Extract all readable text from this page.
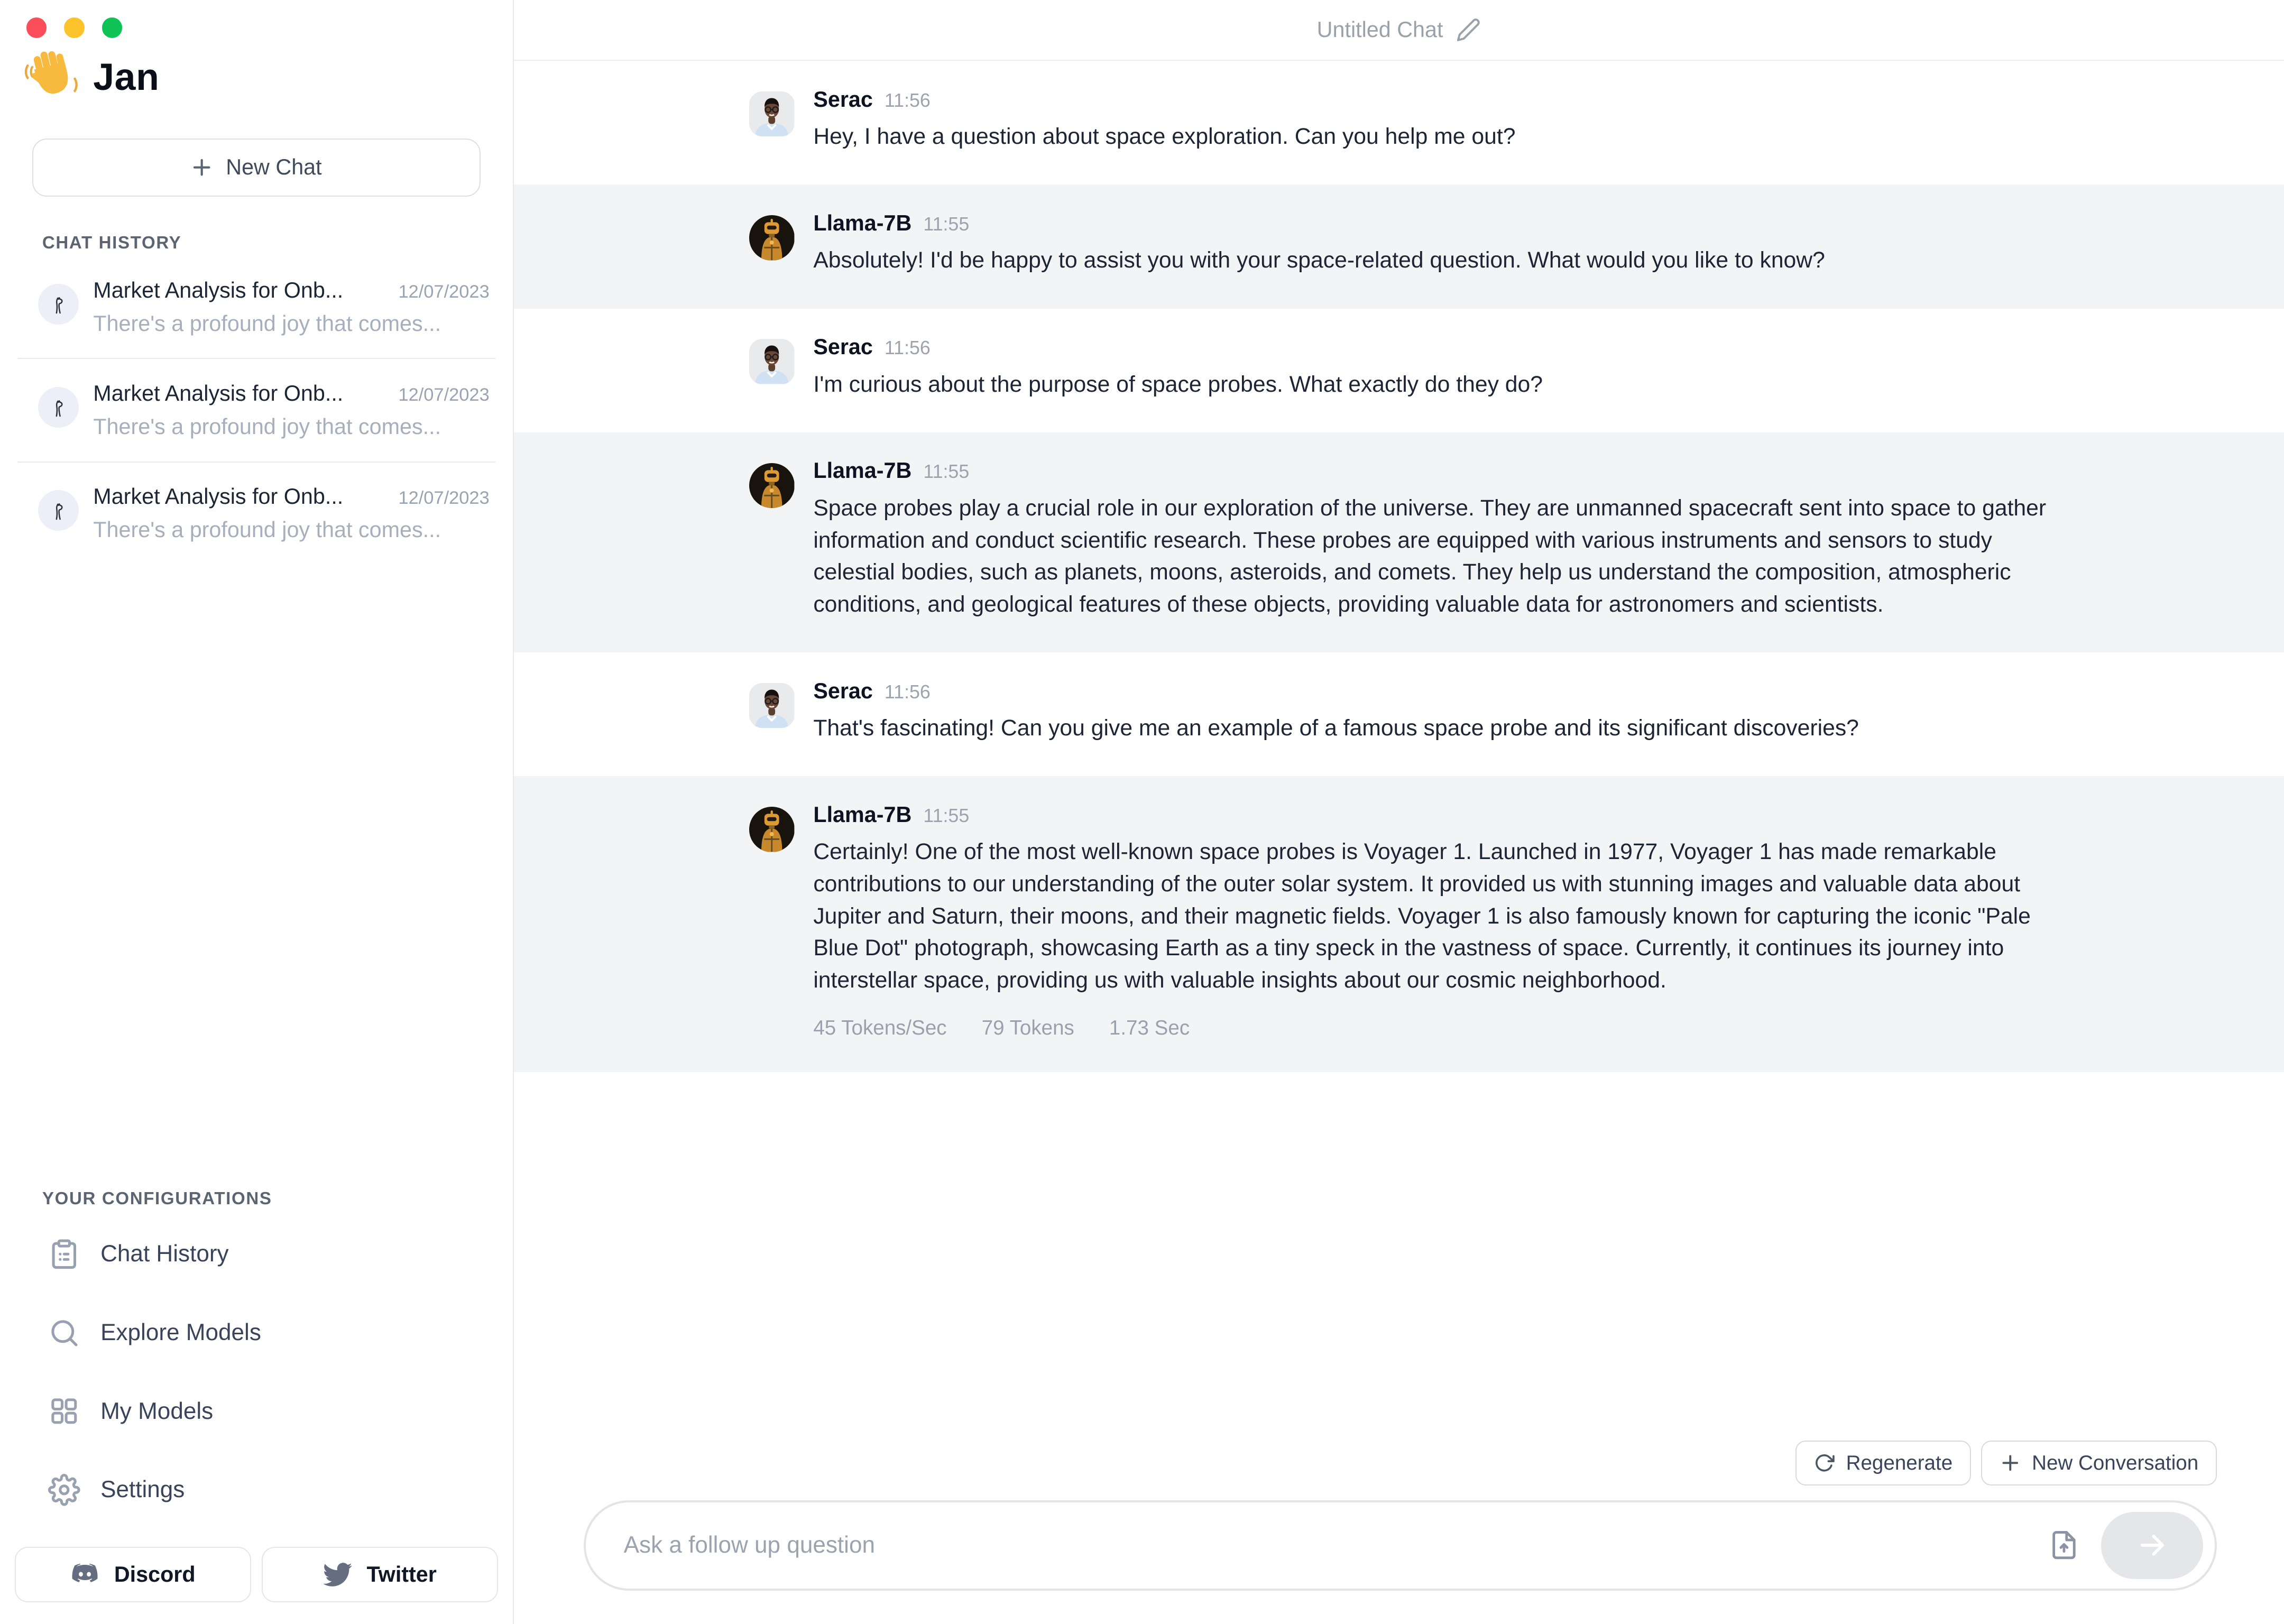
Jan
New Chat
CHAT HISTORY
Market Analysis for Onb...	12/07/2023
There's a profound joy that comes...
Market Analysis for Onb...	12/07/2023
There's a profound joy that comes...
Market Analysis for Onb...	12/07/2023
There's a profound joy that comes...
YOUR CONFIGURATIONS
Chat History
Explore Models
My Models
Settings
Discord	Twitter
Untitled Chat
Serac 11:56
Hey, I have a question about space exploration. Can you help me out?
Llama-7B 11:55
Absolutely! I'd be happy to assist you with your space-related question. What would you like to know?
Serac 11:56
I'm curious about the purpose of space probes. What exactly do they do?
Llama-7B 11:55
Space probes play a crucial role in our exploration of the universe. They are unmanned spacecraft sent into space to gather information and conduct scientific research. These probes are equipped with various instruments and sensors to study celestial bodies, such as planets, moons, asteroids, and comets. They help us understand the composition, atmospheric conditions, and geological features of these objects, providing valuable data for astronomers and scientists.
Serac 11:56
That's fascinating! Can you give me an example of a famous space probe and its significant discoveries?
Llama-7B 11:55
Certainly! One of the most well-known space probes is Voyager 1. Launched in 1977, Voyager 1 has made remarkable contributions to our understanding of the outer solar system. It provided us with stunning images and valuable data about Jupiter and Saturn, their moons, and their magnetic fields. Voyager 1 is also famously known for capturing the iconic "Pale Blue Dot" photograph, showcasing Earth as a tiny speck in the vastness of space. Currently, it continues its journey into interstellar space, providing us with valuable insights about our cosmic neighborhood.
45 Tokens/Sec	79 Tokens	1.73 Sec
Regenerate	New Conversation
Ask a follow up question
